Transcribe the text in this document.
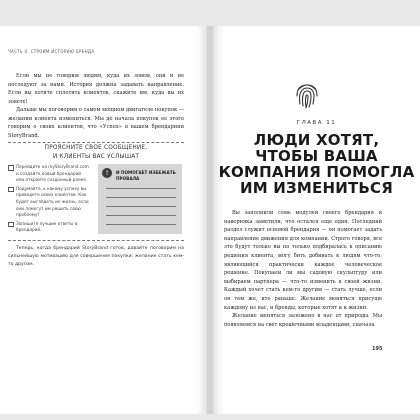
ЧАСТЬ II. СТРОИМ ИСТОРИЮ БРЕНДА

Если мы не говорим людям, куда их зовем, они и не последуют за нами. История должна задавать направление. Если вы хотите сплотить клиентов, скажите им, куда вы их зовете!

Дальше мы поговорим о самом мощном двигателе покупок — желании клиента измениться. Мы до начала покупок ее этого говорим о своих клиентов, что «Успех» в вашем брендарини StoryBrand.

ПРОЯСНИТЕ СВОЕ СООБЩЕНИЕ,
И КЛИЕНТЫ ВАС УСЛЫШАТ
Перейдите на myStoryBrand.com и создайте новый брендарий или откройте созданный ранее.
Подумайте, к какому успеху вы приведете своих клиентов. Как будет выглядеть их жизнь, если они помогут им решить свою проблему?
Запишите лучшие ответы в брендарий.
!	И ПОМОГАЕТ ИЗБЕЖАТЬ ПРОВАЛА

Теперь, когда брендарий StoryBrand готов, давайте поговорим на сильнейшую мотивацию для совершения покупки: желание стать кем-то другим.

ГЛАВА 11
ЛЮДИ ХОТЯТ,
ЧТОБЫ ВАША
КОМПАНИЯ ПОМОГЛА
ИМ ИЗМЕНИТЬСЯ

Вы заполнили семь модулей своего брендария и наверняка заметили, что осталея еще один. Последний раздел служит основой брендария — он помогает задать направление движения для компании. Строго говоря, все это будут только вы по только подбиралась к описанию решения клиента, могу бить добивать к людям что-то, являющийся практически каждое человеческое решение. Покупаем ли мы садовую скульптуру или выбираем партнера — что-то изменить в своей жизни. Каждый хочет стать кем-то другим — стать лучше, если он тем же, кто раньше. Желание меняться присуще каждому из нас, и бренды, которые хотят и к жизни.

Желание меняться заложено в нас от природы. Мы появляемся на свет крошечными младенцами, сначала

195
